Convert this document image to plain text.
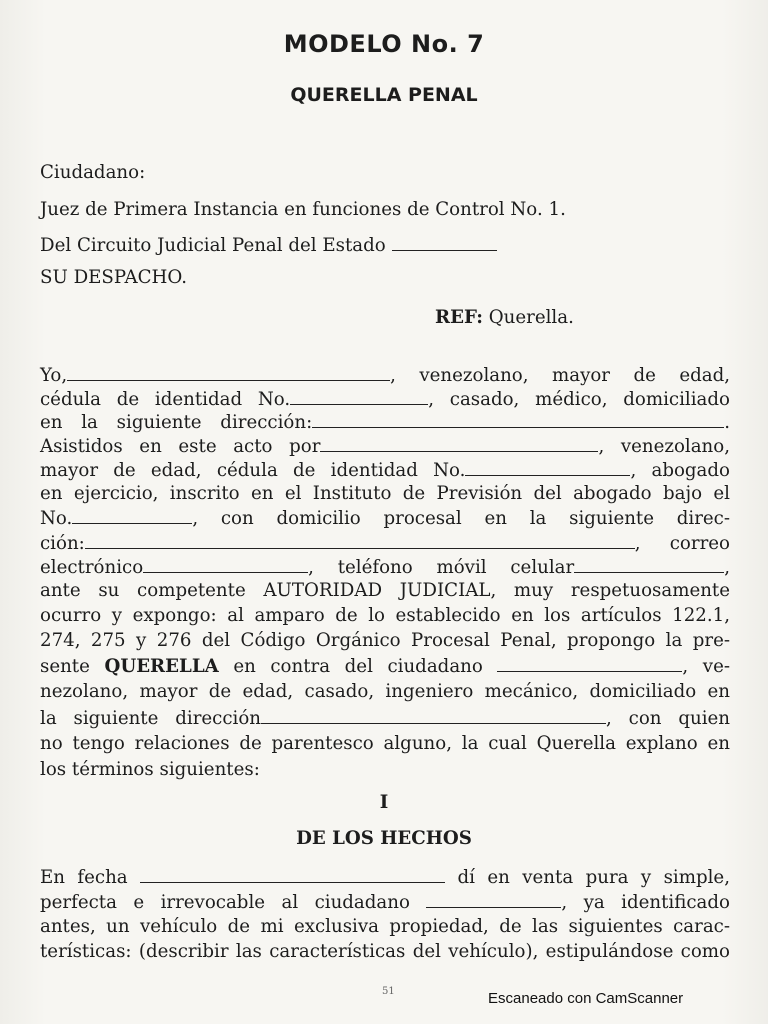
MODELO No. 7
QUERELLA PENAL
Ciudadano:
Juez de Primera Instancia en funciones de Control No. 1.
Del Circuito Judicial Penal del Estado
SU DESPACHO.
REF: Querella.
Yo,	, venezolano, mayor de edad,
cédula de identidad No.	, casado, médico, domiciliado
en la siguiente dirección:	.
Asistidos en este acto por	, venezolano,
mayor de edad, cédula de identidad No.	, abogado
en ejercicio, inscrito en el Instituto de Previsión del abogado bajo el
No.	, con domicilio procesal en la siguiente direc-
ción:	, correo
electrónico	, teléfono móvil celular	,
ante su competente AUTORIDAD JUDICIAL, muy respetuosamente
ocurro y expongo: al amparo de lo establecido en los artículos 122.1,
274, 275 y 276 del Código Orgánico Procesal Penal, propongo la pre-
sente QUERELLA en contra del ciudadano	, ve-
nezolano, mayor de edad, casado, ingeniero mecánico, domiciliado en
la siguiente dirección	, con quien
no tengo relaciones de parentesco alguno, la cual Querella explano en
los términos siguientes:
I
DE LOS HECHOS
En fecha	dí en venta pura y simple,
perfecta e irrevocable al ciudadano	, ya identificado
antes, un vehículo de mi exclusiva propiedad, de las siguientes carac-
terísticas: (describir las características del vehículo), estipulándose como
51	Escaneado con CamScanner
